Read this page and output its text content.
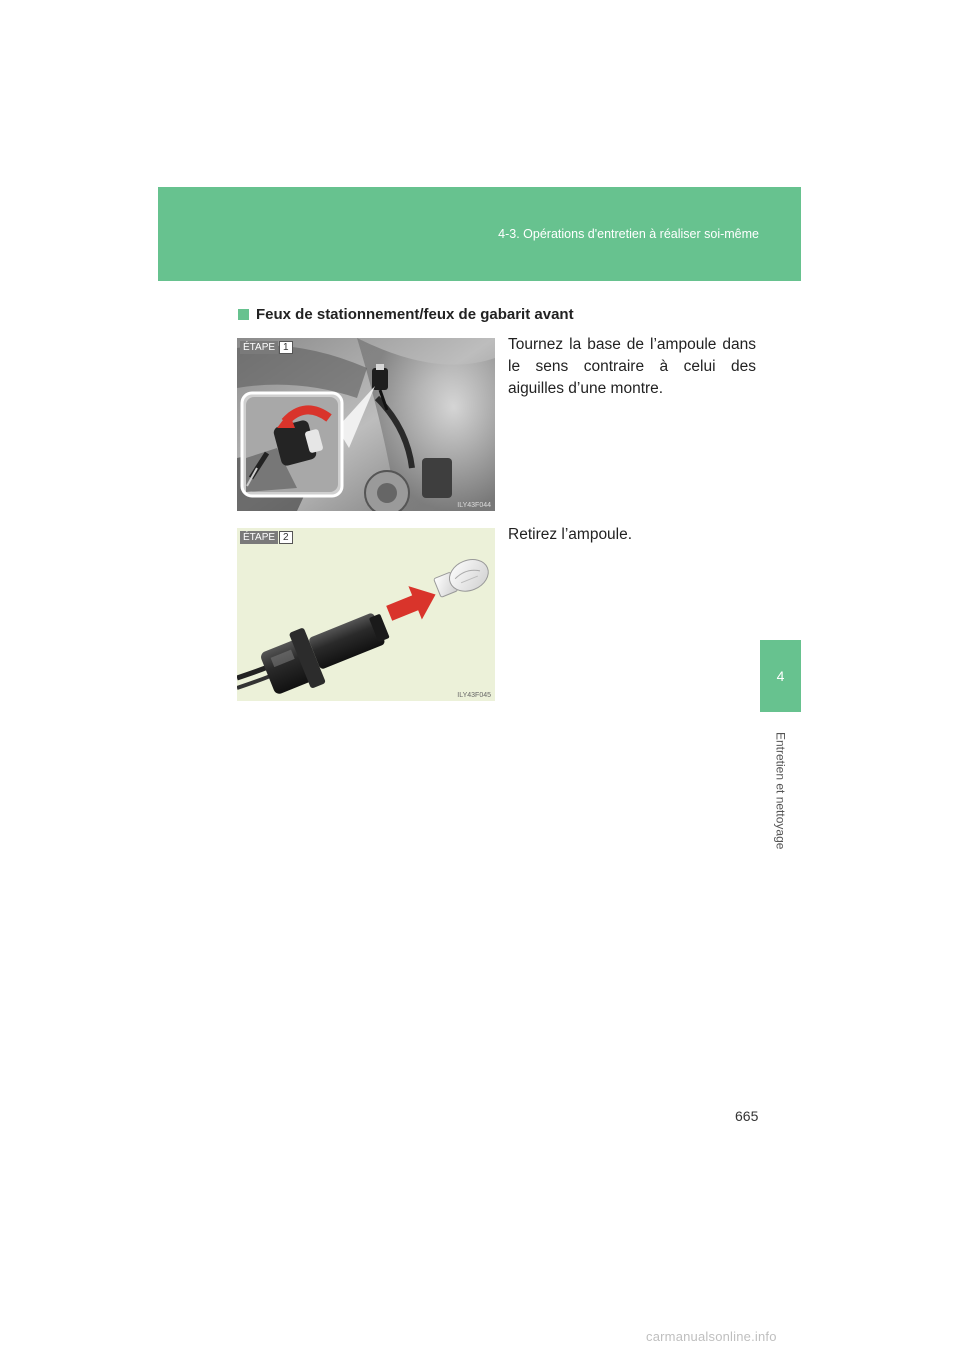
4-3. Opérations d'entretien à réaliser soi-même
4
Entretien et nettoyage
Feux de stationnement/feux de gabarit avant
ÉTAPE 1
ILY43F044
Tournez la base de l’ampoule dans le sens contraire à celui des aiguilles d’une montre.
ÉTAPE 2
ILY43F045
Retirez l’ampoule.
665
carmanualsonline.info
